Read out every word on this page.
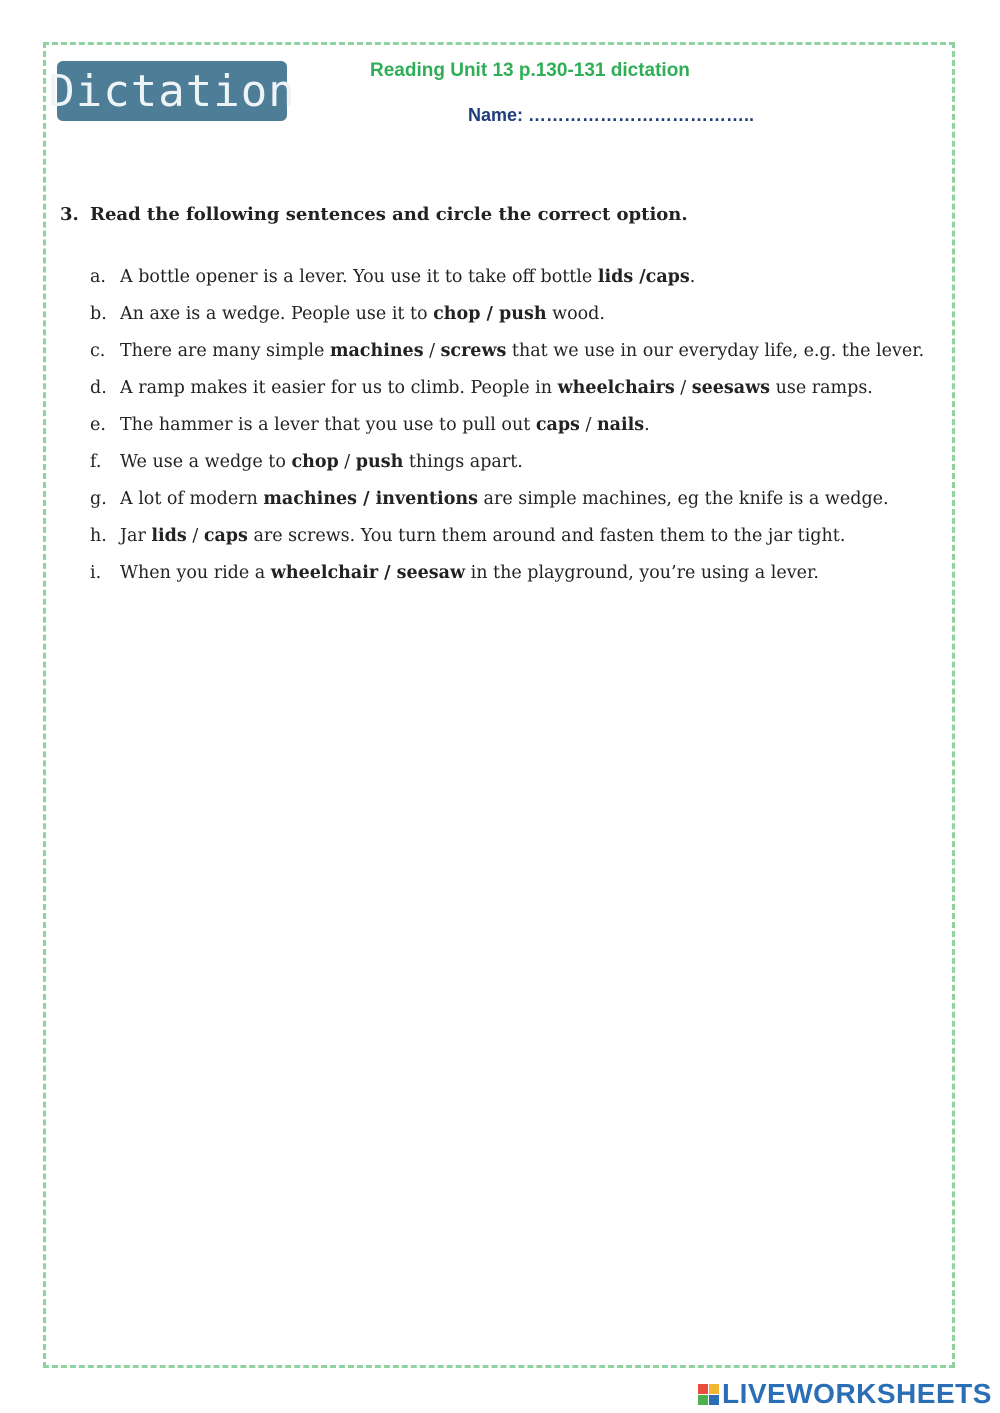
Dictation	Reading Unit 13 p.130-131 dictation
Name: ………………………………..
3. Read the following sentences and circle the correct option.
a. A bottle opener is a lever. You use it to take off bottle lids /caps.
b. An axe is a wedge. People use it to chop / push wood.
c. There are many simple machines / screws that we use in our everyday life, e.g. the lever.
d. A ramp makes it easier for us to climb. People in wheelchairs / seesaws use ramps.
e. The hammer is a lever that you use to pull out caps / nails.
f.	We use a wedge to chop / push things apart.
g. A lot of modern machines / inventions are simple machines, eg the knife is a wedge.
h. Jar lids / caps are screws. You turn them around and fasten them to the jar tight.
i.	When you ride a wheelchair / seesaw in the playground, you’re using a lever.
LIVEWORKSHEETS
